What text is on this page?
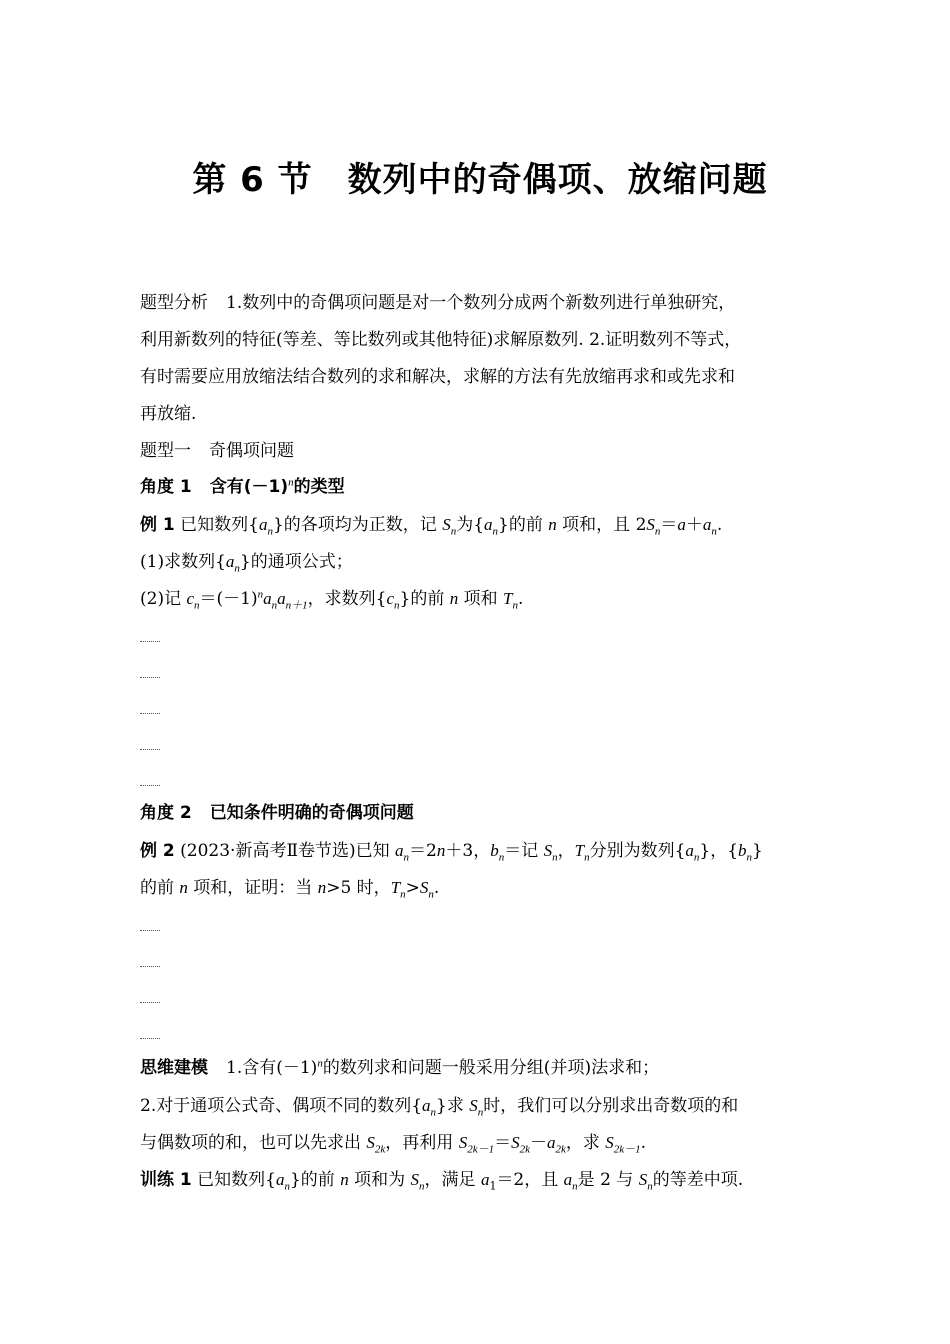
第 6 节　数列中的奇偶项、放缩问题
题型分析 1.数列中的奇偶项问题是对一个数列分成两个新数列进行单独研究，
利用新数列的特征(等差、等比数列或其他特征)求解原数列. 2.证明数列不等式，
有时需要应用放缩法结合数列的求和解决，求解的方法有先放缩再求和或先求和
再放缩.
题型一 奇偶项问题
角度 1 含有$(-1)^n$的类型
例 1 已知数列$\{a_n\}$的各项均为正数，记 $S_n$为$\{a_n\}$的前 n 项和，且 $2S_n=a+a_n$.
(1)求数列$\{a_n\}$的通项公式；
(2)记 $c_n=(-1)^na_na_{n+1}$，求数列$\{c_n\}$的前 n 项和 $T_n$.
角度 2 已知条件明确的奇偶项问题
例 2 (2023·新高考Ⅱ卷节选)已知 $a_n=2n+3$，$b_n=$记 $S_n$，$T_n$分别为数列$\{a_n\}$，$\{b_n\}$
的前 n 项和，证明：当 n>5 时，$T_n>S_n$.
思维建模 1.含有$(-1)^n$的数列求和问题一般采用分组(并项)法求和；
2.对于通项公式奇、偶项不同的数列$\{a_n\}$求 $S_n$时，我们可以分别求出奇数项的和
与偶数项的和，也可以先求出 $S_{2k}$，再利用 $S_{2k-1}=S_{2k}-a_{2k}$，求 $S_{2k-1}$.
训练 1 已知数列$\{a_n\}$的前 n 项和为 $S_n$，满足 $a_1=2$，且 $a_n$是 2 与 $S_n$的等差中项.
